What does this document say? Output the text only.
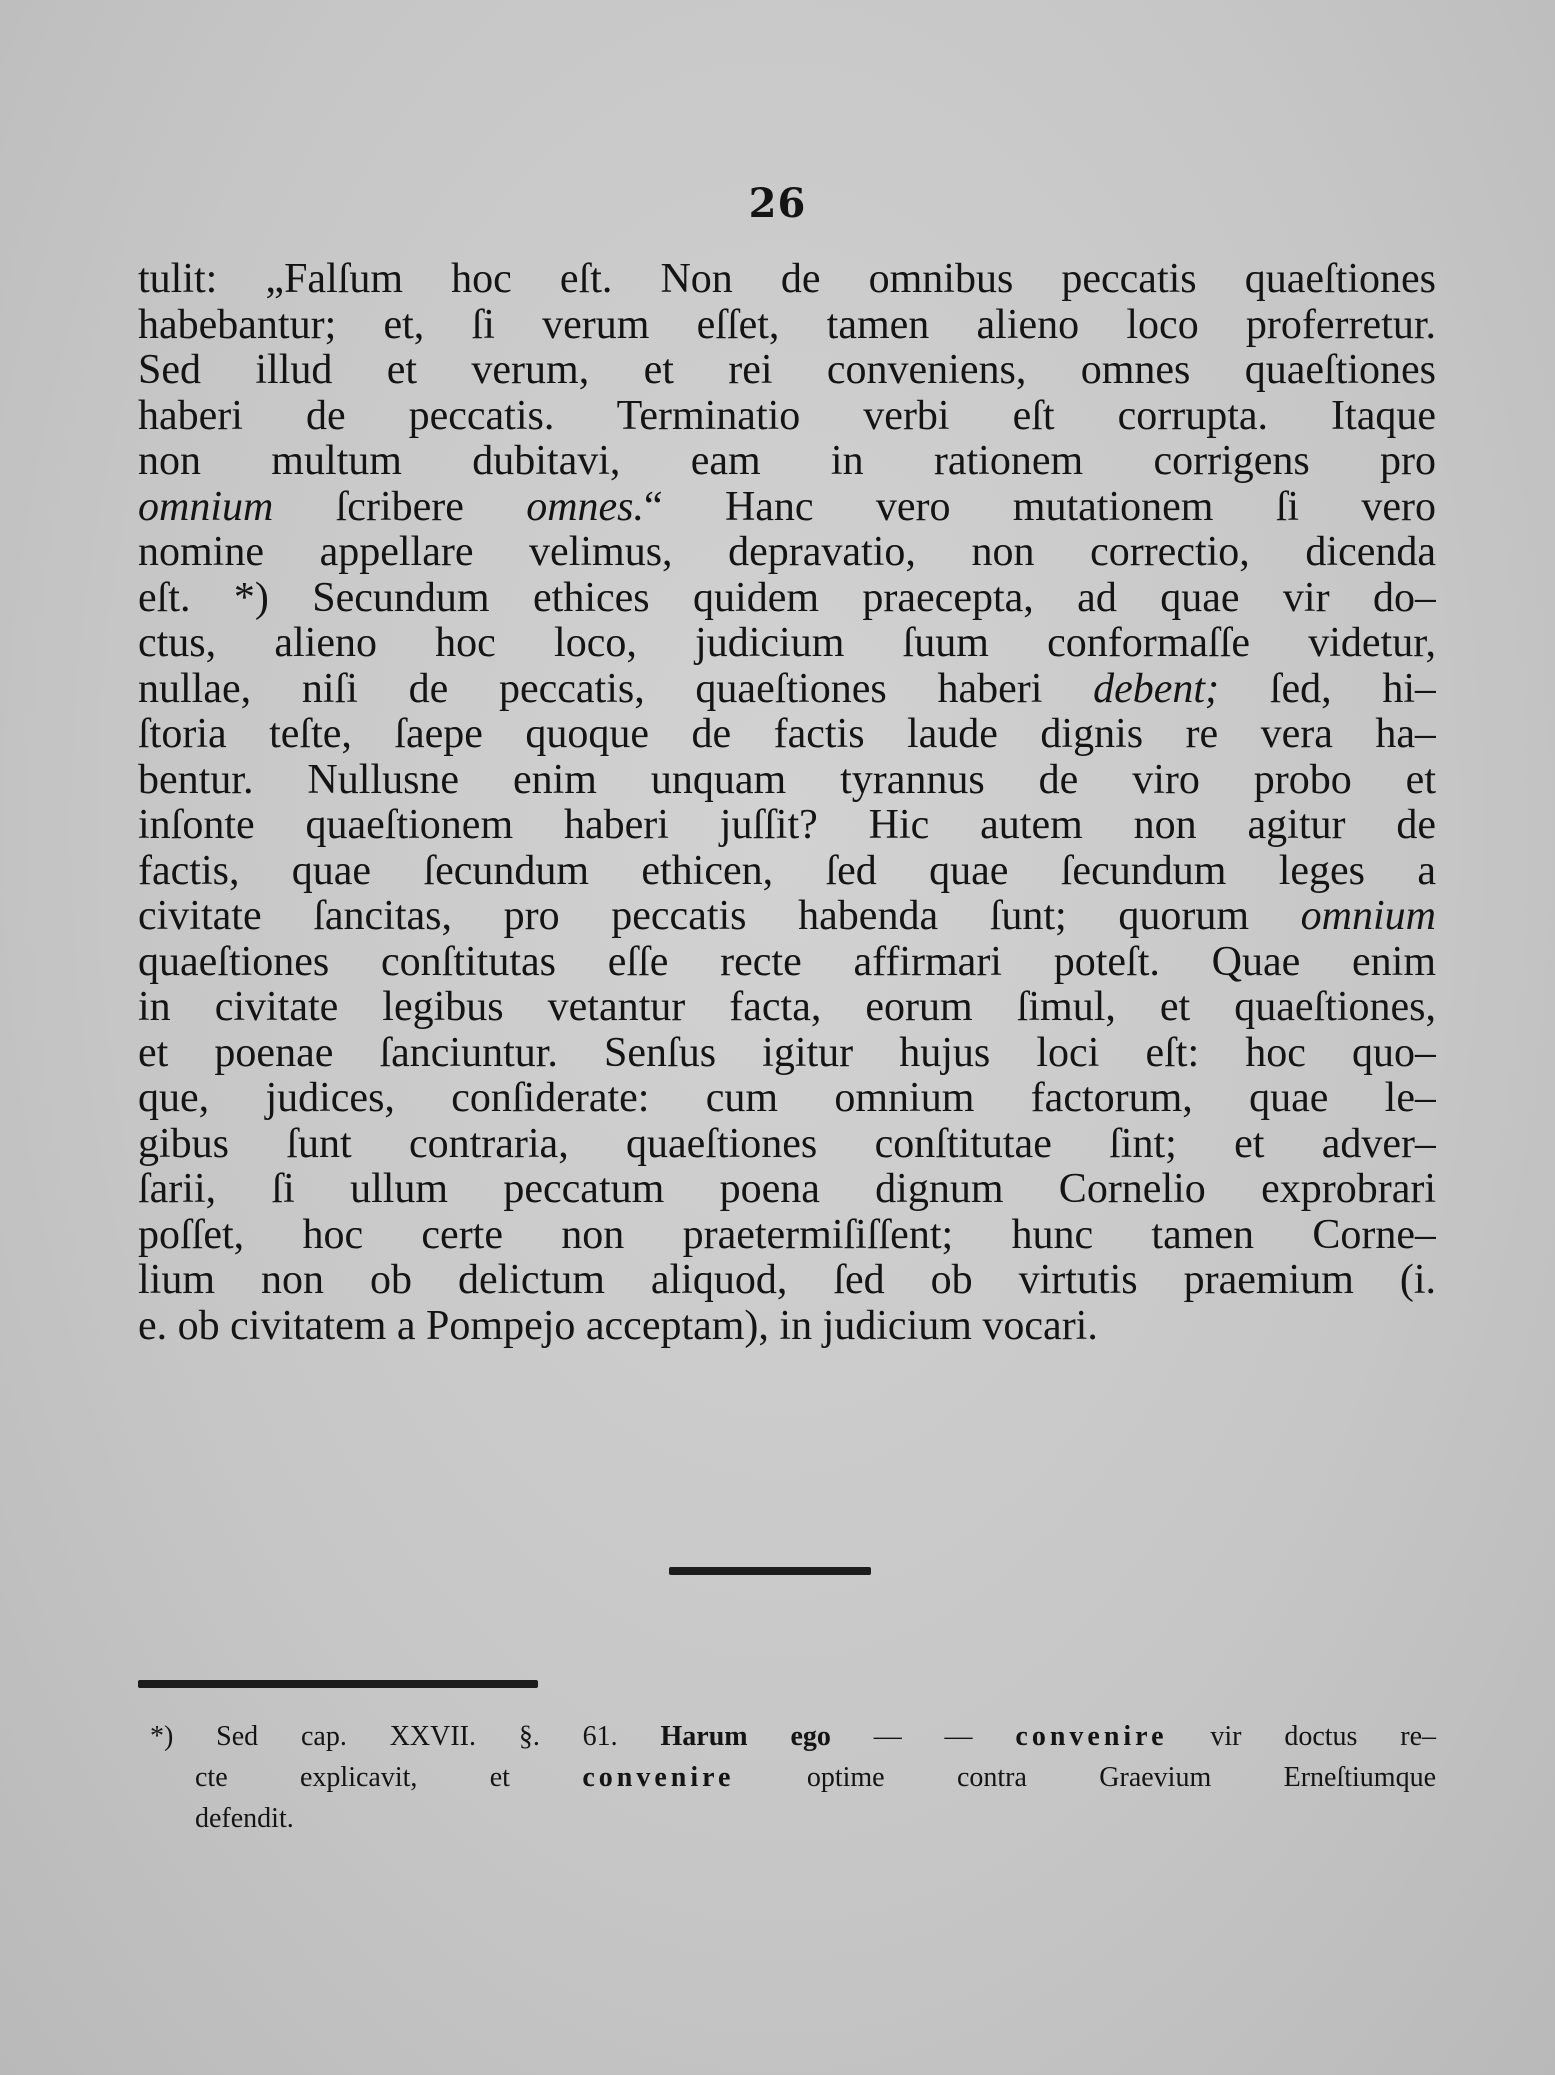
26
tulit: „Falſum hoc eſt. Non de omnibus peccatis quaeſtiones
habebantur; et, ſi verum eſſet, tamen alieno loco proferretur.
Sed illud et verum, et rei conveniens, omnes quaeſtiones
haberi de peccatis. Terminatio verbi eſt corrupta. Itaque
non multum dubitavi, eam in rationem corrigens pro
omnium ſcribere omnes.“ Hanc vero mutationem ſi vero
nomine appellare velimus, depravatio, non correctio, dicenda
eſt. *) Secundum ethices quidem praecepta, ad quae vir do–
ctus, alieno hoc loco, judicium ſuum conformaſſe videtur,
nullae, niſi de peccatis, quaeſtiones haberi debent; ſed, hi–
ſtoria teſte, ſaepe quoque de factis laude dignis re vera ha–
bentur. Nullusne enim unquam tyrannus de viro probo et
inſonte quaeſtionem haberi juſſit? Hic autem non agitur de
factis, quae ſecundum ethicen, ſed quae ſecundum leges a
civitate ſancitas, pro peccatis habenda ſunt; quorum omnium
quaeſtiones conſtitutas eſſe recte affirmari poteſt. Quae enim
in civitate legibus vetantur facta, eorum ſimul, et quaeſtiones,
et poenae ſanciuntur. Senſus igitur hujus loci eſt: hoc quo–
que, judices, conſiderate: cum omnium factorum, quae le–
gibus ſunt contraria, quaeſtiones conſtitutae ſint; et adver–
ſarii, ſi ullum peccatum poena dignum Cornelio exprobrari
poſſet, hoc certe non praetermiſiſſent; hunc tamen Corne–
lium non ob delictum aliquod, ſed ob virtutis praemium (i.
e. ob civitatem a Pompejo acceptam), in judicium vocari.
*) Sed cap. XXVII. §. 61. Harum ego — — convenire vir doctus re–
cte explicavit, et convenire optime contra Graevium Erneſtiumque
defendit.
